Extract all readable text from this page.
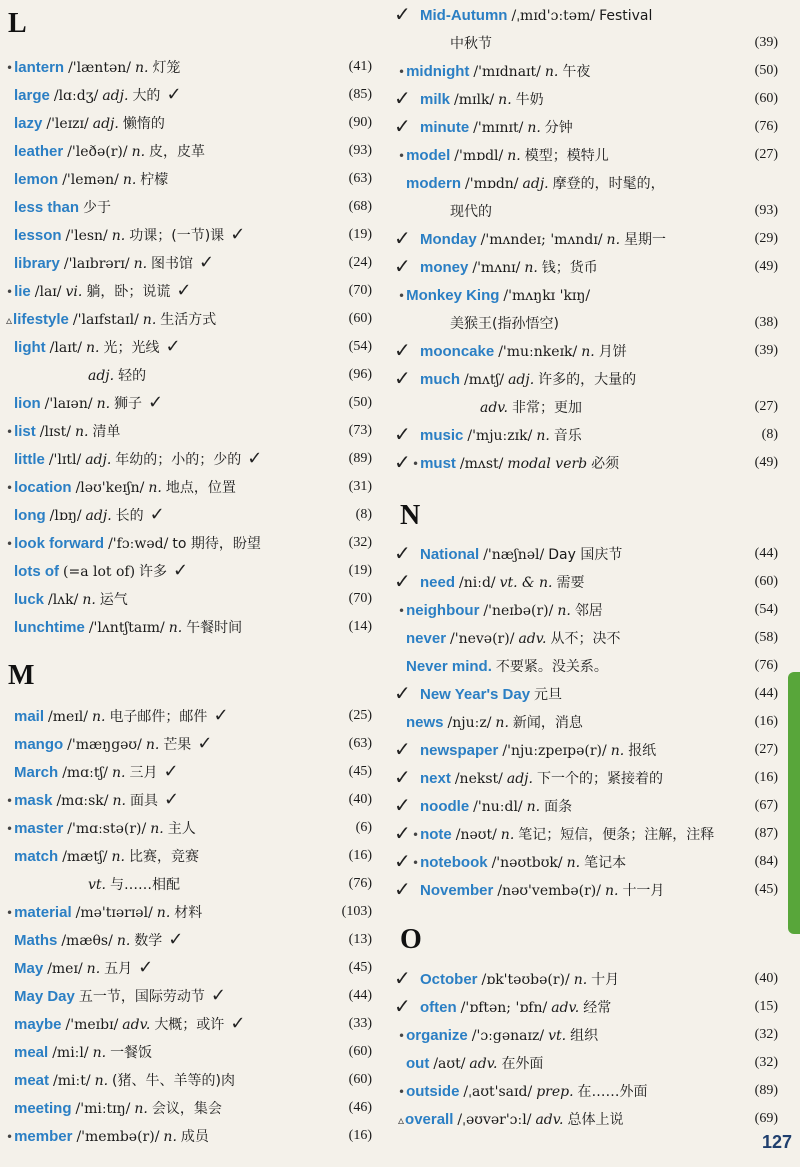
L
•lantern /'læntən/ n. 灯笼	(41)
large /lɑːdʒ/ adj. 大的 ✓	(85)
lazy /'leɪzɪ/ adj. 懒惰的	(90)
leather /'leðə(r)/ n. 皮，皮革	(93)
lemon /'lemən/ n. 柠檬	(63)
less than 少于	(68)
lesson /'lesn/ n. 功课；(一节)课 ✓	(19)
library /'laɪbrərɪ/ n. 图书馆 ✓	(24)
•lie /laɪ/ vi. 躺，卧；说谎 ✓	(70)
▵lifestyle /'laɪfstaɪl/ n. 生活方式	(60)
light /laɪt/ n. 光；光线 ✓	(54)
adj. 轻的	(96)
lion /'laɪən/ n. 狮子 ✓	(50)
•list /lɪst/ n. 清单	(73)
little /'lɪtl/ adj. 年幼的；小的；少的 ✓	(89)
•location /ləʊ'keɪʃn/ n. 地点，位置	(31)
long /lɒŋ/ adj. 长的 ✓	(8)
•look forward /'fɔːwəd/ to 期待，盼望	(32)
lots of (=a lot of) 许多 ✓	(19)
luck /lʌk/ n. 运气	(70)
lunchtime /'lʌntʃtaɪm/ n. 午餐时间	(14)
M
mail /meɪl/ n. 电子邮件；邮件 ✓	(25)
mango /'mæŋgəʊ/ n. 芒果 ✓	(63)
March /mɑːtʃ/ n. 三月 ✓	(45)
•mask /mɑːsk/ n. 面具 ✓	(40)
•master /'mɑːstə(r)/ n. 主人	(6)
match /mætʃ/ n. 比赛，竞赛	(16)
vt. 与……相配	(76)
•material /mə'tɪərɪəl/ n. 材料	(103)
Maths /mæθs/ n. 数学 ✓	(13)
May /meɪ/ n. 五月 ✓	(45)
May Day 五一节，国际劳动节 ✓	(44)
maybe /'meɪbɪ/ adv. 大概；或许 ✓	(33)
meal /miːl/ n. 一餐饭	(60)
meat /miːt/ n. (猪、牛、羊等的)肉	(60)
meeting /'miːtɪŋ/ n. 会议，集会	(46)
•member /'membə(r)/ n. 成员	(16)
✓ Mid-Autumn /ˌmɪd'ɔːtəm/ Festival
中秋节	(39)
•midnight /'mɪdnaɪt/ n. 午夜	(50)
✓ milk /mɪlk/ n. 牛奶	(60)
✓ minute /'mɪnɪt/ n. 分钟	(76)
•model /'mɒdl/ n. 模型；模特儿	(27)
modern /'mɒdn/ adj. 摩登的，时髦的，
现代的	(93)
✓ Monday /'mʌndeɪ; 'mʌndɪ/ n. 星期一	(29)
✓ money /'mʌnɪ/ n. 钱；货币	(49)
•Monkey King /'mʌŋkɪ 'kɪŋ/
美猴王(指孙悟空)	(38)
✓ mooncake /'muːnkeɪk/ n. 月饼	(39)
✓ much /mʌtʃ/ adj. 许多的，大量的
adv. 非常；更加	(27)
✓ music /'mjuːzɪk/ n. 音乐	(8)
✓ •must /mʌst/ modal verb 必须	(49)
N
✓ National /'næʃnəl/ Day 国庆节	(44)
✓ need /niːd/ vt. & n. 需要	(60)
•neighbour /'neɪbə(r)/ n. 邻居	(54)
never /'nevə(r)/ adv. 从不；决不	(58)
Never mind. 不要紧。没关系。	(76)
✓ New Year's Day 元旦	(44)
news /njuːz/ n. 新闻，消息	(16)
✓ newspaper /'njuːzpeɪpə(r)/ n. 报纸	(27)
✓ next /nekst/ adj. 下一个的；紧接着的	(16)
✓ noodle /'nuːdl/ n. 面条	(67)
✓ •note /nəʊt/ n. 笔记；短信，便条；注解，注释	(87)
✓ •notebook /'nəʊtbʊk/ n. 笔记本	(84)
✓ November /nəʊ'vembə(r)/ n. 十一月	(45)
O
✓ October /ɒk'təʊbə(r)/ n. 十月	(40)
✓ often /'ɒftən; 'ɒfn/ adv. 经常	(15)
•organize /'ɔːgənaɪz/ vt. 组织	(32)
out /aʊt/ adv. 在外面	(32)
•outside /ˌaʊt'saɪd/ prep. 在……外面	(89)
▵overall /ˌəʊvər'ɔːl/ adv. 总体上说	(69)
127
